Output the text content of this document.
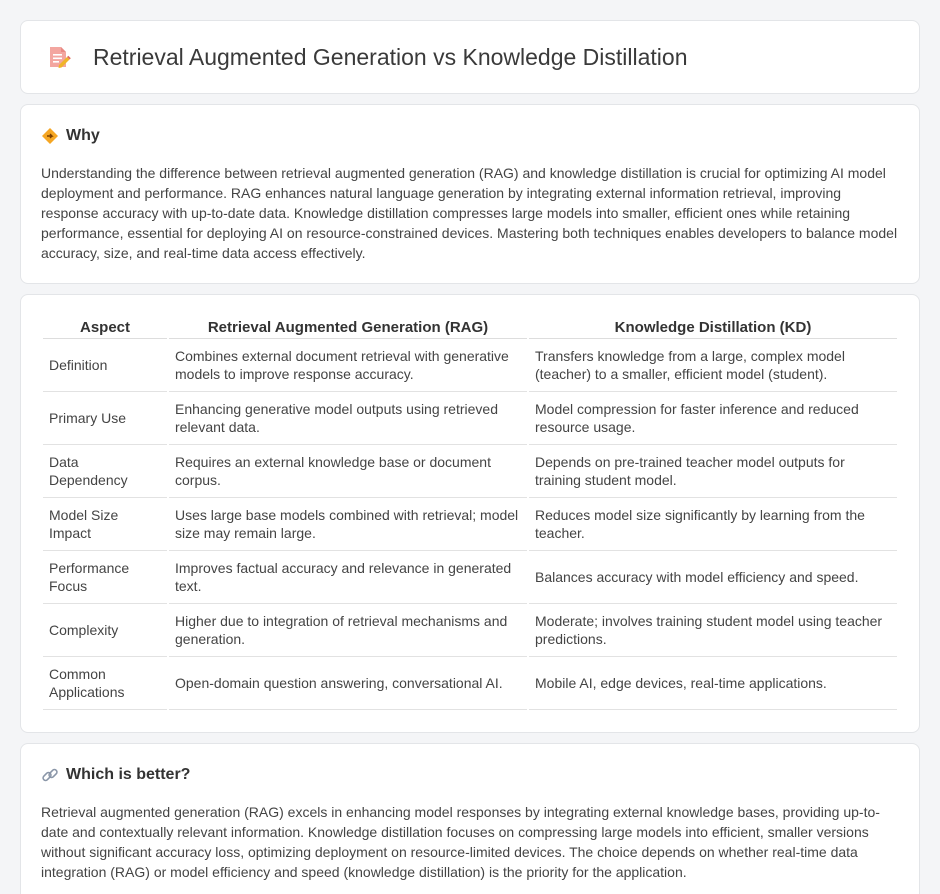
Retrieval Augmented Generation vs Knowledge Distillation
Why

Understanding the difference between retrieval augmented generation (RAG) and knowledge distillation is crucial for optimizing AI model deployment and performance. RAG enhances natural language generation by integrating external information retrieval, improving response accuracy with up-to-date data. Knowledge distillation compresses large models into smaller, efficient ones while retaining performance, essential for deploying AI on resource-constrained devices. Mastering both techniques enables developers to balance model accuracy, size, and real-time data access effectively.

Aspect	Retrieval Augmented Generation (RAG)	Knowledge Distillation (KD)
Definition	Combines external document retrieval with generative models to improve response accuracy.	Transfers knowledge from a large, complex model (teacher) to a smaller, efficient model (student).
Primary Use	Enhancing generative model outputs using retrieved relevant data.	Model compression for faster inference and reduced resource usage.
Data Dependency	Requires an external knowledge base or document corpus.	Depends on pre-trained teacher model outputs for training student model.
Model Size Impact	Uses large base models combined with retrieval; model size may remain large.	Reduces model size significantly by learning from the teacher.
Performance Focus	Improves factual accuracy and relevance in generated text.	Balances accuracy with model efficiency and speed.
Complexity	Higher due to integration of retrieval mechanisms and generation.	Moderate; involves training student model using teacher predictions.
Common Applications	Open-domain question answering, conversational AI.	Mobile AI, edge devices, real-time applications.
Which is better?

Retrieval augmented generation (RAG) excels in enhancing model responses by integrating external knowledge bases, providing up-to-date and contextually relevant information. Knowledge distillation focuses on compressing large models into efficient, smaller versions without significant accuracy loss, optimizing deployment on resource-limited devices. The choice depends on whether real-time data integration (RAG) or model efficiency and speed (knowledge distillation) is the priority for the application.
